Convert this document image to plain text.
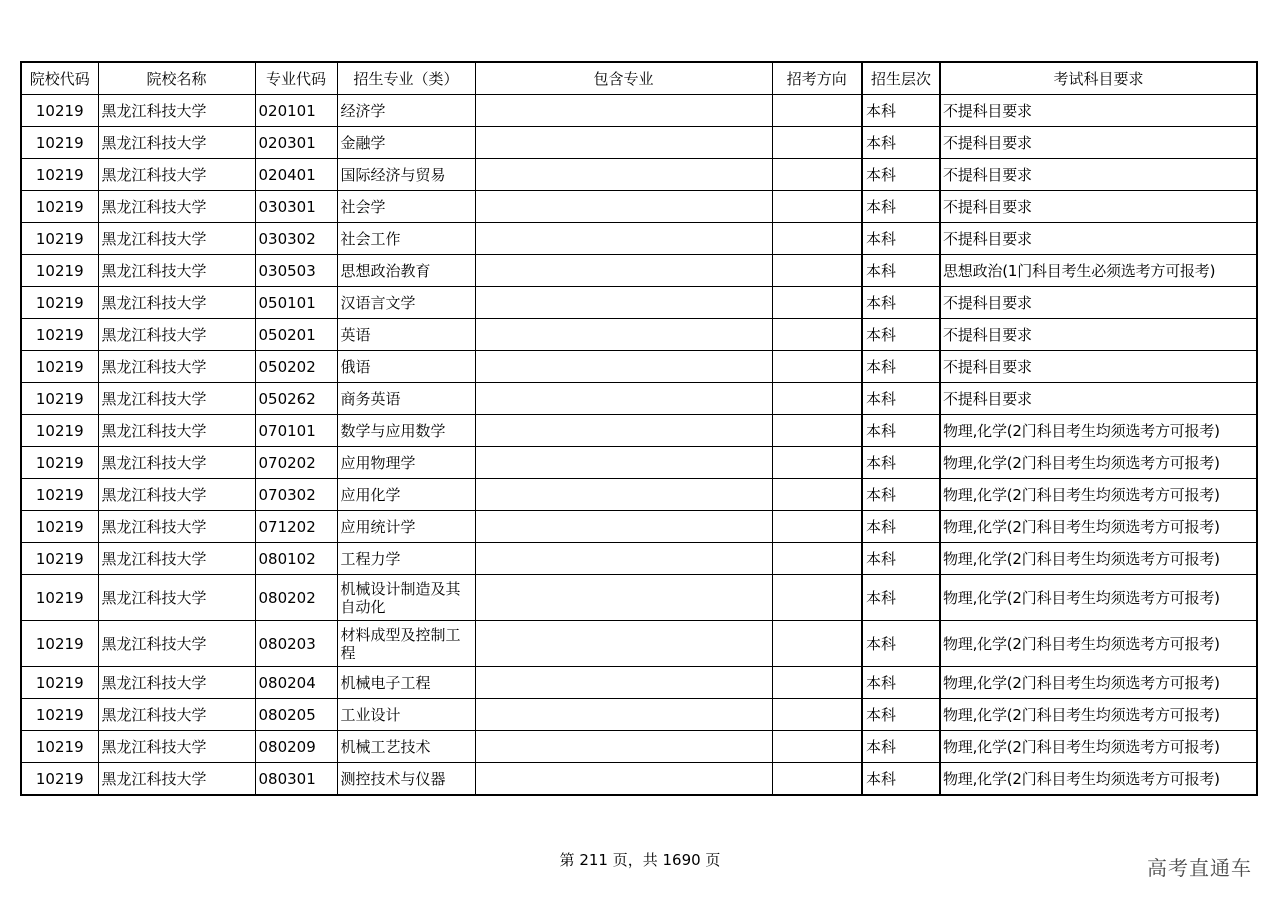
院校代码	院校名称	专业代码	招生专业（类）	包含专业	招考方向	招生层次	考试科目要求
10219	黑龙江科技大学	020101	经济学			本科	不提科目要求
10219	黑龙江科技大学	020301	金融学			本科	不提科目要求
10219	黑龙江科技大学	020401	国际经济与贸易			本科	不提科目要求
10219	黑龙江科技大学	030301	社会学			本科	不提科目要求
10219	黑龙江科技大学	030302	社会工作			本科	不提科目要求
10219	黑龙江科技大学	030503	思想政治教育			本科	思想政治(1门科目考生必须选考方可报考)
10219	黑龙江科技大学	050101	汉语言文学			本科	不提科目要求
10219	黑龙江科技大学	050201	英语			本科	不提科目要求
10219	黑龙江科技大学	050202	俄语			本科	不提科目要求
10219	黑龙江科技大学	050262	商务英语			本科	不提科目要求
10219	黑龙江科技大学	070101	数学与应用数学			本科	物理,化学(2门科目考生均须选考方可报考)
10219	黑龙江科技大学	070202	应用物理学			本科	物理,化学(2门科目考生均须选考方可报考)
10219	黑龙江科技大学	070302	应用化学			本科	物理,化学(2门科目考生均须选考方可报考)
10219	黑龙江科技大学	071202	应用统计学			本科	物理,化学(2门科目考生均须选考方可报考)
10219	黑龙江科技大学	080102	工程力学			本科	物理,化学(2门科目考生均须选考方可报考)
10219	黑龙江科技大学	080202	机械设计制造及其自动化			本科	物理,化学(2门科目考生均须选考方可报考)
10219	黑龙江科技大学	080203	材料成型及控制工程			本科	物理,化学(2门科目考生均须选考方可报考)
10219	黑龙江科技大学	080204	机械电子工程			本科	物理,化学(2门科目考生均须选考方可报考)
10219	黑龙江科技大学	080205	工业设计			本科	物理,化学(2门科目考生均须选考方可报考)
10219	黑龙江科技大学	080209	机械工艺技术			本科	物理,化学(2门科目考生均须选考方可报考)
10219	黑龙江科技大学	080301	测控技术与仪器			本科	物理,化学(2门科目考生均须选考方可报考)
第 211 页，共 1690 页	高考直通车
